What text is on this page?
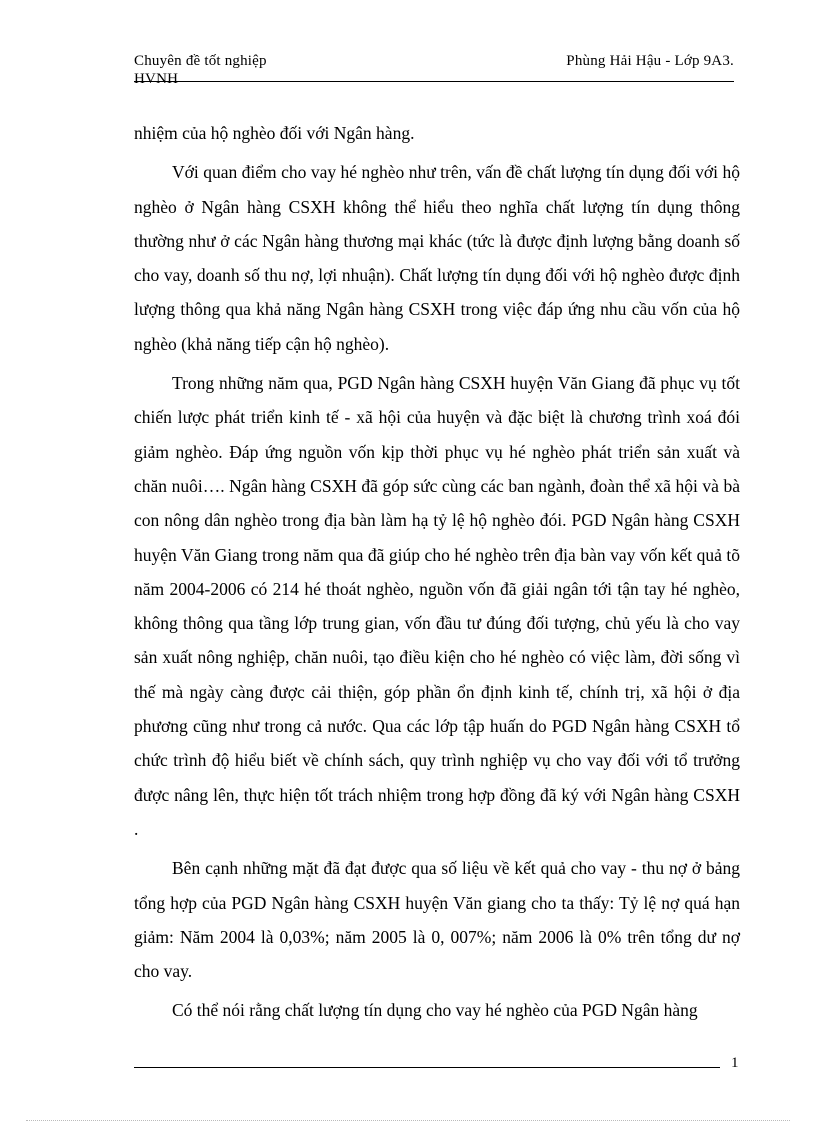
Chuyên đề tốt nghiệp HVNH
Phùng Hải Hậu - Lớp 9A3.

nhiệm của hộ nghèo đối với Ngân hàng.

Với quan điểm cho vay hé nghèo như trên, vấn đề chất lượng tín dụng đối với hộ nghèo ở Ngân hàng CSXH không thể hiểu theo nghĩa chất lượng tín dụng thông thường như ở các Ngân hàng thương mại khác (tức là được định lượng bằng doanh số cho vay, doanh số thu nợ, lợi nhuận). Chất lượng tín dụng đối với hộ nghèo được định lượng thông qua khả năng Ngân hàng CSXH trong việc đáp ứng nhu cầu vốn của hộ nghèo (khả năng tiếp cận hộ nghèo).

Trong những năm qua, PGD Ngân hàng CSXH huyện Văn Giang đã phục vụ tốt chiến lược phát triển kinh tế - xã hội của huyện và đặc biệt là chương trình xoá đói giảm nghèo. Đáp ứng nguồn vốn kịp thời phục vụ hé nghèo phát triển sản xuất và chăn nuôi…. Ngân hàng CSXH đã góp sức cùng các ban ngành, đoàn thể xã hội và bà con nông dân nghèo trong địa bàn làm hạ tỷ lệ hộ nghèo đói. PGD Ngân hàng CSXH huyện Văn Giang trong năm qua đã giúp cho hé nghèo trên địa bàn vay vốn kết quả tõ năm 2004-2006 có 214 hé thoát nghèo, nguồn vốn đã giải ngân tới tận tay hé nghèo, không thông qua tầng lớp trung gian, vốn đầu tư đúng đối tượng, chủ yếu là cho vay sản xuất nông nghiệp, chăn nuôi, tạo điều kiện cho hé nghèo có việc làm, đời sống vì thế mà ngày càng được cải thiện, góp phần ổn định kinh tế, chính trị, xã hội ở địa phương cũng như trong cả nước. Qua các lớp tập huấn do PGD Ngân hàng CSXH tổ chức trình độ hiểu biết về chính sách, quy trình nghiệp vụ cho vay đối với tổ trưởng được nâng lên, thực hiện tốt trách nhiệm trong hợp đồng đã ký với Ngân hàng CSXH .

Bên cạnh những mặt đã đạt được qua số liệu về kết quả cho vay - thu nợ ở bảng tổng hợp của PGD Ngân hàng CSXH huyện Văn giang cho ta thấy: Tỷ lệ nợ quá hạn giảm: Năm 2004 là 0,03%; năm 2005 là 0, 007%; năm 2006 là 0% trên tổng dư nợ cho vay.

Có thể nói rằng chất lượng tín dụng cho vay hé nghèo của PGD Ngân hàng

1
